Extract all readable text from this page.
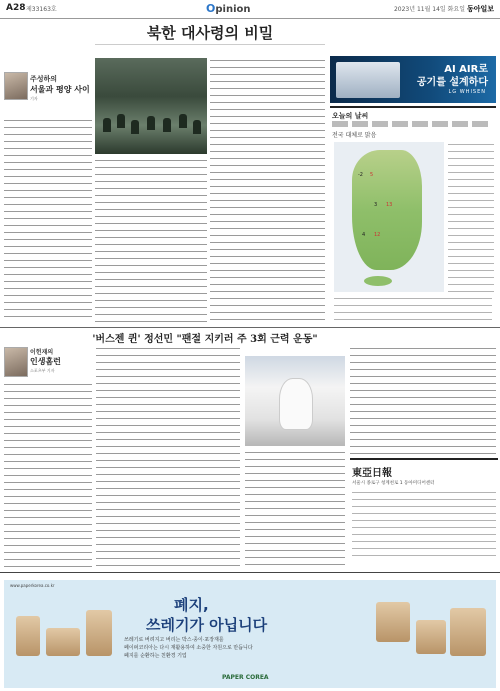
A28 제33163호	Opinion	2023년 11월 14일 화요일 동아일보
북한 대사령의 비밀
주성하의
서울과 평양 사이
기자
AI AIR로
공기를 설계하다
LG WHISEN
오늘의 날씨
전국 대체로 맑음
-2 5
3 13
4 12
'버스젠 퀸' 정선민 "팬절 지키러 주 3회 근력 운동"
이헌재의
인생홈런
스포츠부 기자
東亞日報
서울시 종로구 청계천로 1 동아미디어센터
www.paperkorea.co.kr
폐지,
쓰레기가 아닙니다
쓰레기로 버려지고 버리는 박스·종이·포장재를
페이퍼코리아는 다시 재활용하여 소중한 자원으로 만듭니다
폐지를 순환하는 친환경 기업
PAPER COREA
